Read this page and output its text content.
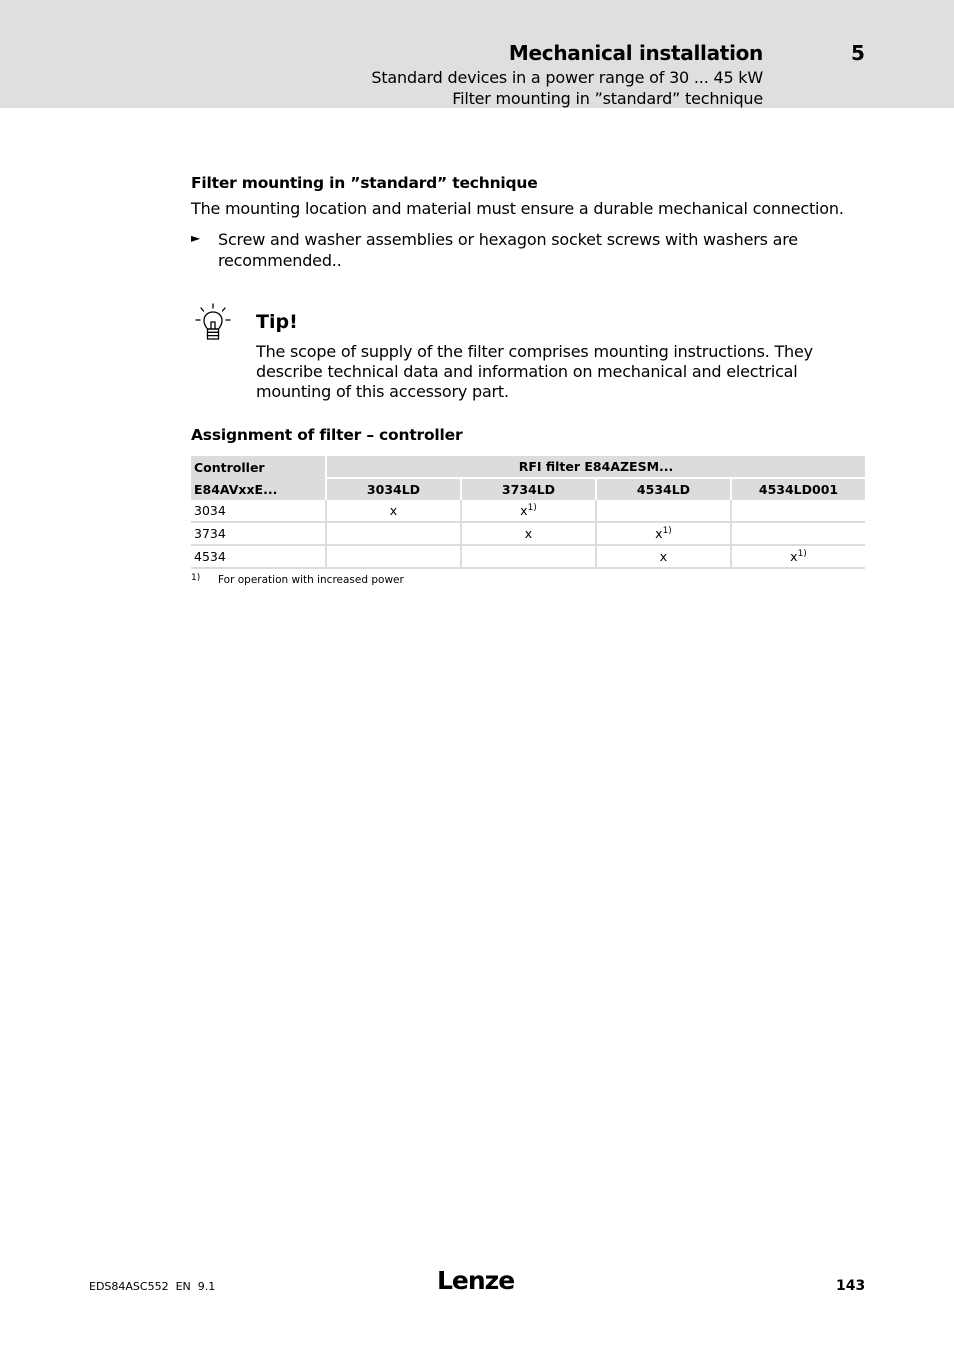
Mechanical installation	5
Standard devices in a power range of 30 ... 45 kW
Filter mounting in ”standard” technique
Filter mounting in ”standard” technique
The mounting location and material must ensure a durable mechanical connection.
► Screw and washer assemblies or hexagon socket screws with washers are recommended..
Tip!
The scope of supply of the filter comprises mounting instructions. They describe technical data and information on mechanical and electrical mounting of this accessory part.
Assignment of filter – controller
Controller	RFI filter E84AZESM...			
E84AVxxE...	3034LD	3734LD	4534LD	4534LD001
3034	x	$x^{1)}$		
3734		x	$x^{1)}$	
4534			x	$x^{1)}$
1) For operation with increased power
EDS84ASC552  EN  9.1	Lenze	143
